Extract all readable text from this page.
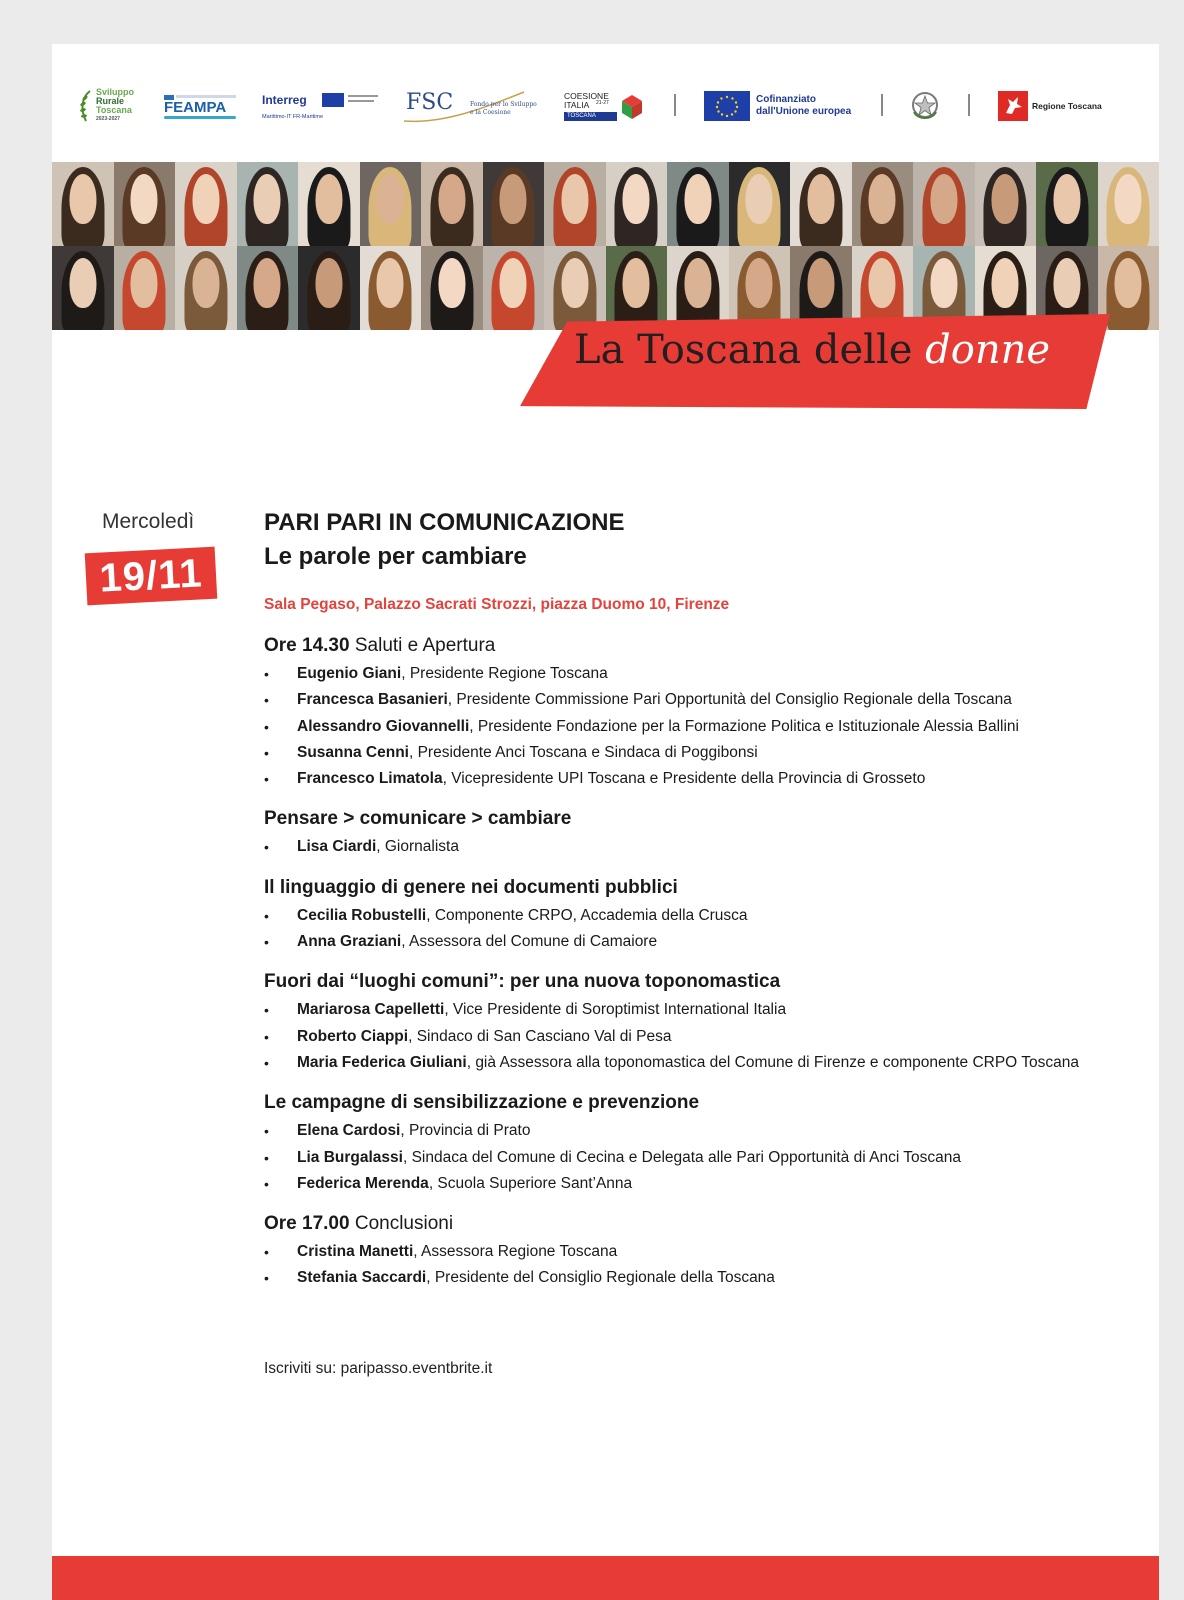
Sviluppo
Rurale
Toscana
2023-2027
FEAMPA	Interreg
Marittimo-IT FR-Maritime
FSC	Fondo per lo Sviluppo
e la Coesione
COESIONE
ITALIA 21-27
TOSCANA
Cofinanziato
dall'Unione europea	Regione Toscana
La Toscana delle donne
Mercoledì
19/11
PARI PARI IN COMUNICAZIONE
Le parole per cambiare
Sala Pegaso, Palazzo Sacrati Strozzi, piazza Duomo 10, Firenze
Ore 14.30 Saluti e Apertura
• Eugenio Giani, Presidente Regione Toscana
• Francesca Basanieri, Presidente Commissione Pari Opportunità del Consiglio Regionale della Toscana
• Alessandro Giovannelli, Presidente Fondazione per la Formazione Politica e Istituzionale Alessia Ballini
• Susanna Cenni, Presidente Anci Toscana e Sindaca di Poggibonsi
• Francesco Limatola, Vicepresidente UPI Toscana e Presidente della Provincia di Grosseto
Pensare > comunicare > cambiare
• Lisa Ciardi, Giornalista
Il linguaggio di genere nei documenti pubblici
• Cecilia Robustelli, Componente CRPO, Accademia della Crusca
• Anna Graziani, Assessora del Comune di Camaiore
Fuori dai “luoghi comuni”: per una nuova toponomastica
• Mariarosa Capelletti, Vice Presidente di Soroptimist International Italia
• Roberto Ciappi, Sindaco di San Casciano Val di Pesa
• Maria Federica Giuliani, già Assessora alla toponomastica del Comune di Firenze e componente CRPO Toscana
Le campagne di sensibilizzazione e prevenzione
• Elena Cardosi, Provincia di Prato
• Lia Burgalassi, Sindaca del Comune di Cecina e Delegata alle Pari Opportunità di Anci Toscana
• Federica Merenda, Scuola Superiore Sant’Anna
Ore 17.00 Conclusioni
• Cristina Manetti, Assessora Regione Toscana
• Stefania Saccardi, Presidente del Consiglio Regionale della Toscana
Iscriviti su: paripasso.eventbrite.it
